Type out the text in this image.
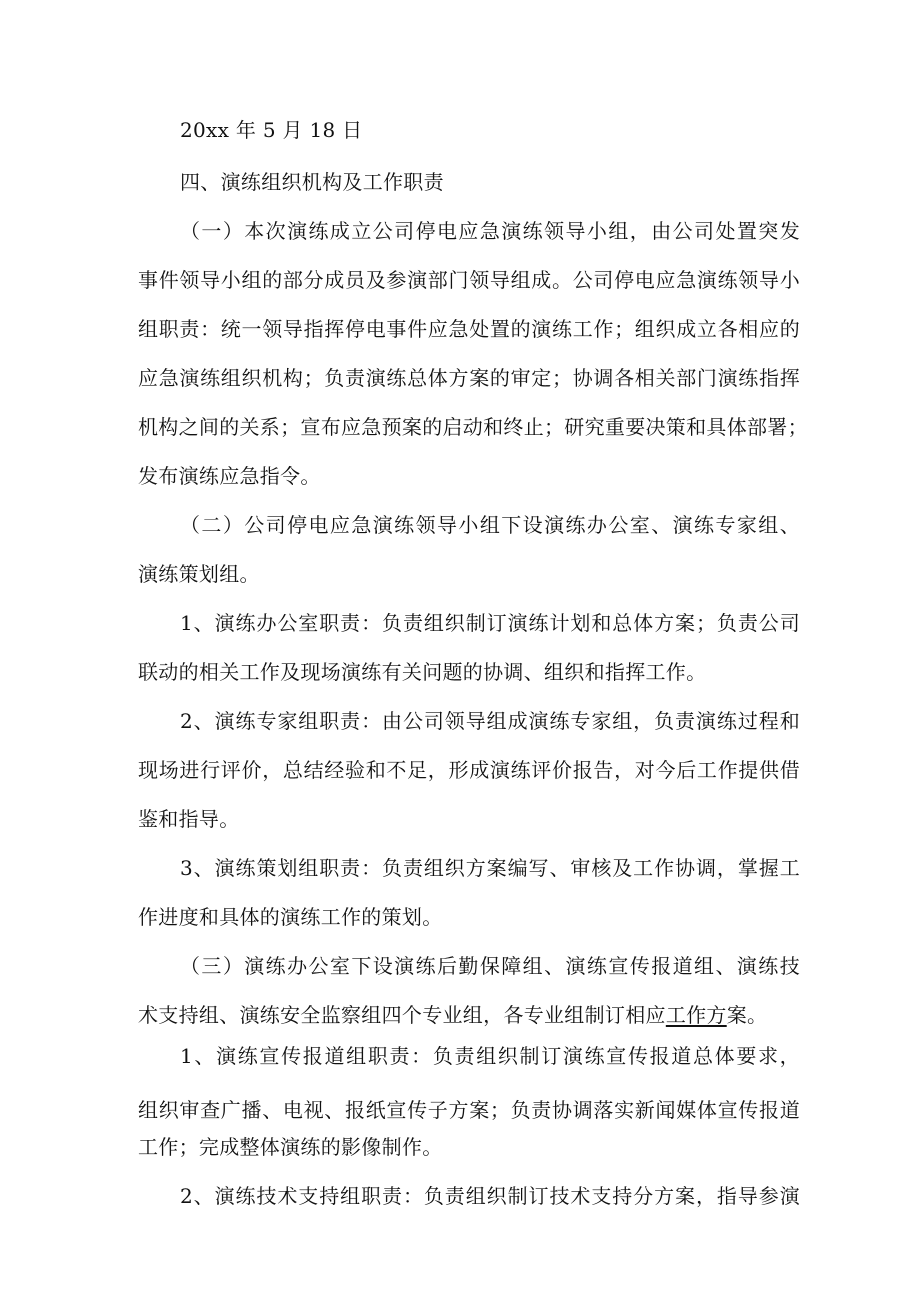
20xx 年 5 月 18 日

四、演练组织机构及工作职责

（一）本次演练成立公司停电应急演练领导小组，由公司处置突发

事件领导小组的部分成员及参演部门领导组成。公司停电应急演练领导小

组职责：统一领导指挥停电事件应急处置的演练工作；组织成立各相应的

应急演练组织机构；负责演练总体方案的审定；协调各相关部门演练指挥

机构之间的关系；宣布应急预案的启动和终止；研究重要决策和具体部署；

发布演练应急指令。

（二）公司停电应急演练领导小组下设演练办公室、演练专家组、

演练策划组。

1、演练办公室职责：负责组织制订演练计划和总体方案；负责公司

联动的相关工作及现场演练有关问题的协调、组织和指挥工作。

2、演练专家组职责：由公司领导组成演练专家组，负责演练过程和

现场进行评价，总结经验和不足，形成演练评价报告，对今后工作提供借

鉴和指导。

3、演练策划组职责：负责组织方案编写、审核及工作协调，掌握工

作进度和具体的演练工作的策划。

（三）演练办公室下设演练后勤保障组、演练宣传报道组、演练技

术支持组、演练安全监察组四个专业组，各专业组制订相应工作方案。

1、演练宣传报道组职责：负责组织制订演练宣传报道总体要求，

组织审查广播、电视、报纸宣传子方案；负责协调落实新闻媒体宣传报道

工作；完成整体演练的影像制作。

2、演练技术支持组职责：负责组织制订技术支持分方案，指导参演
